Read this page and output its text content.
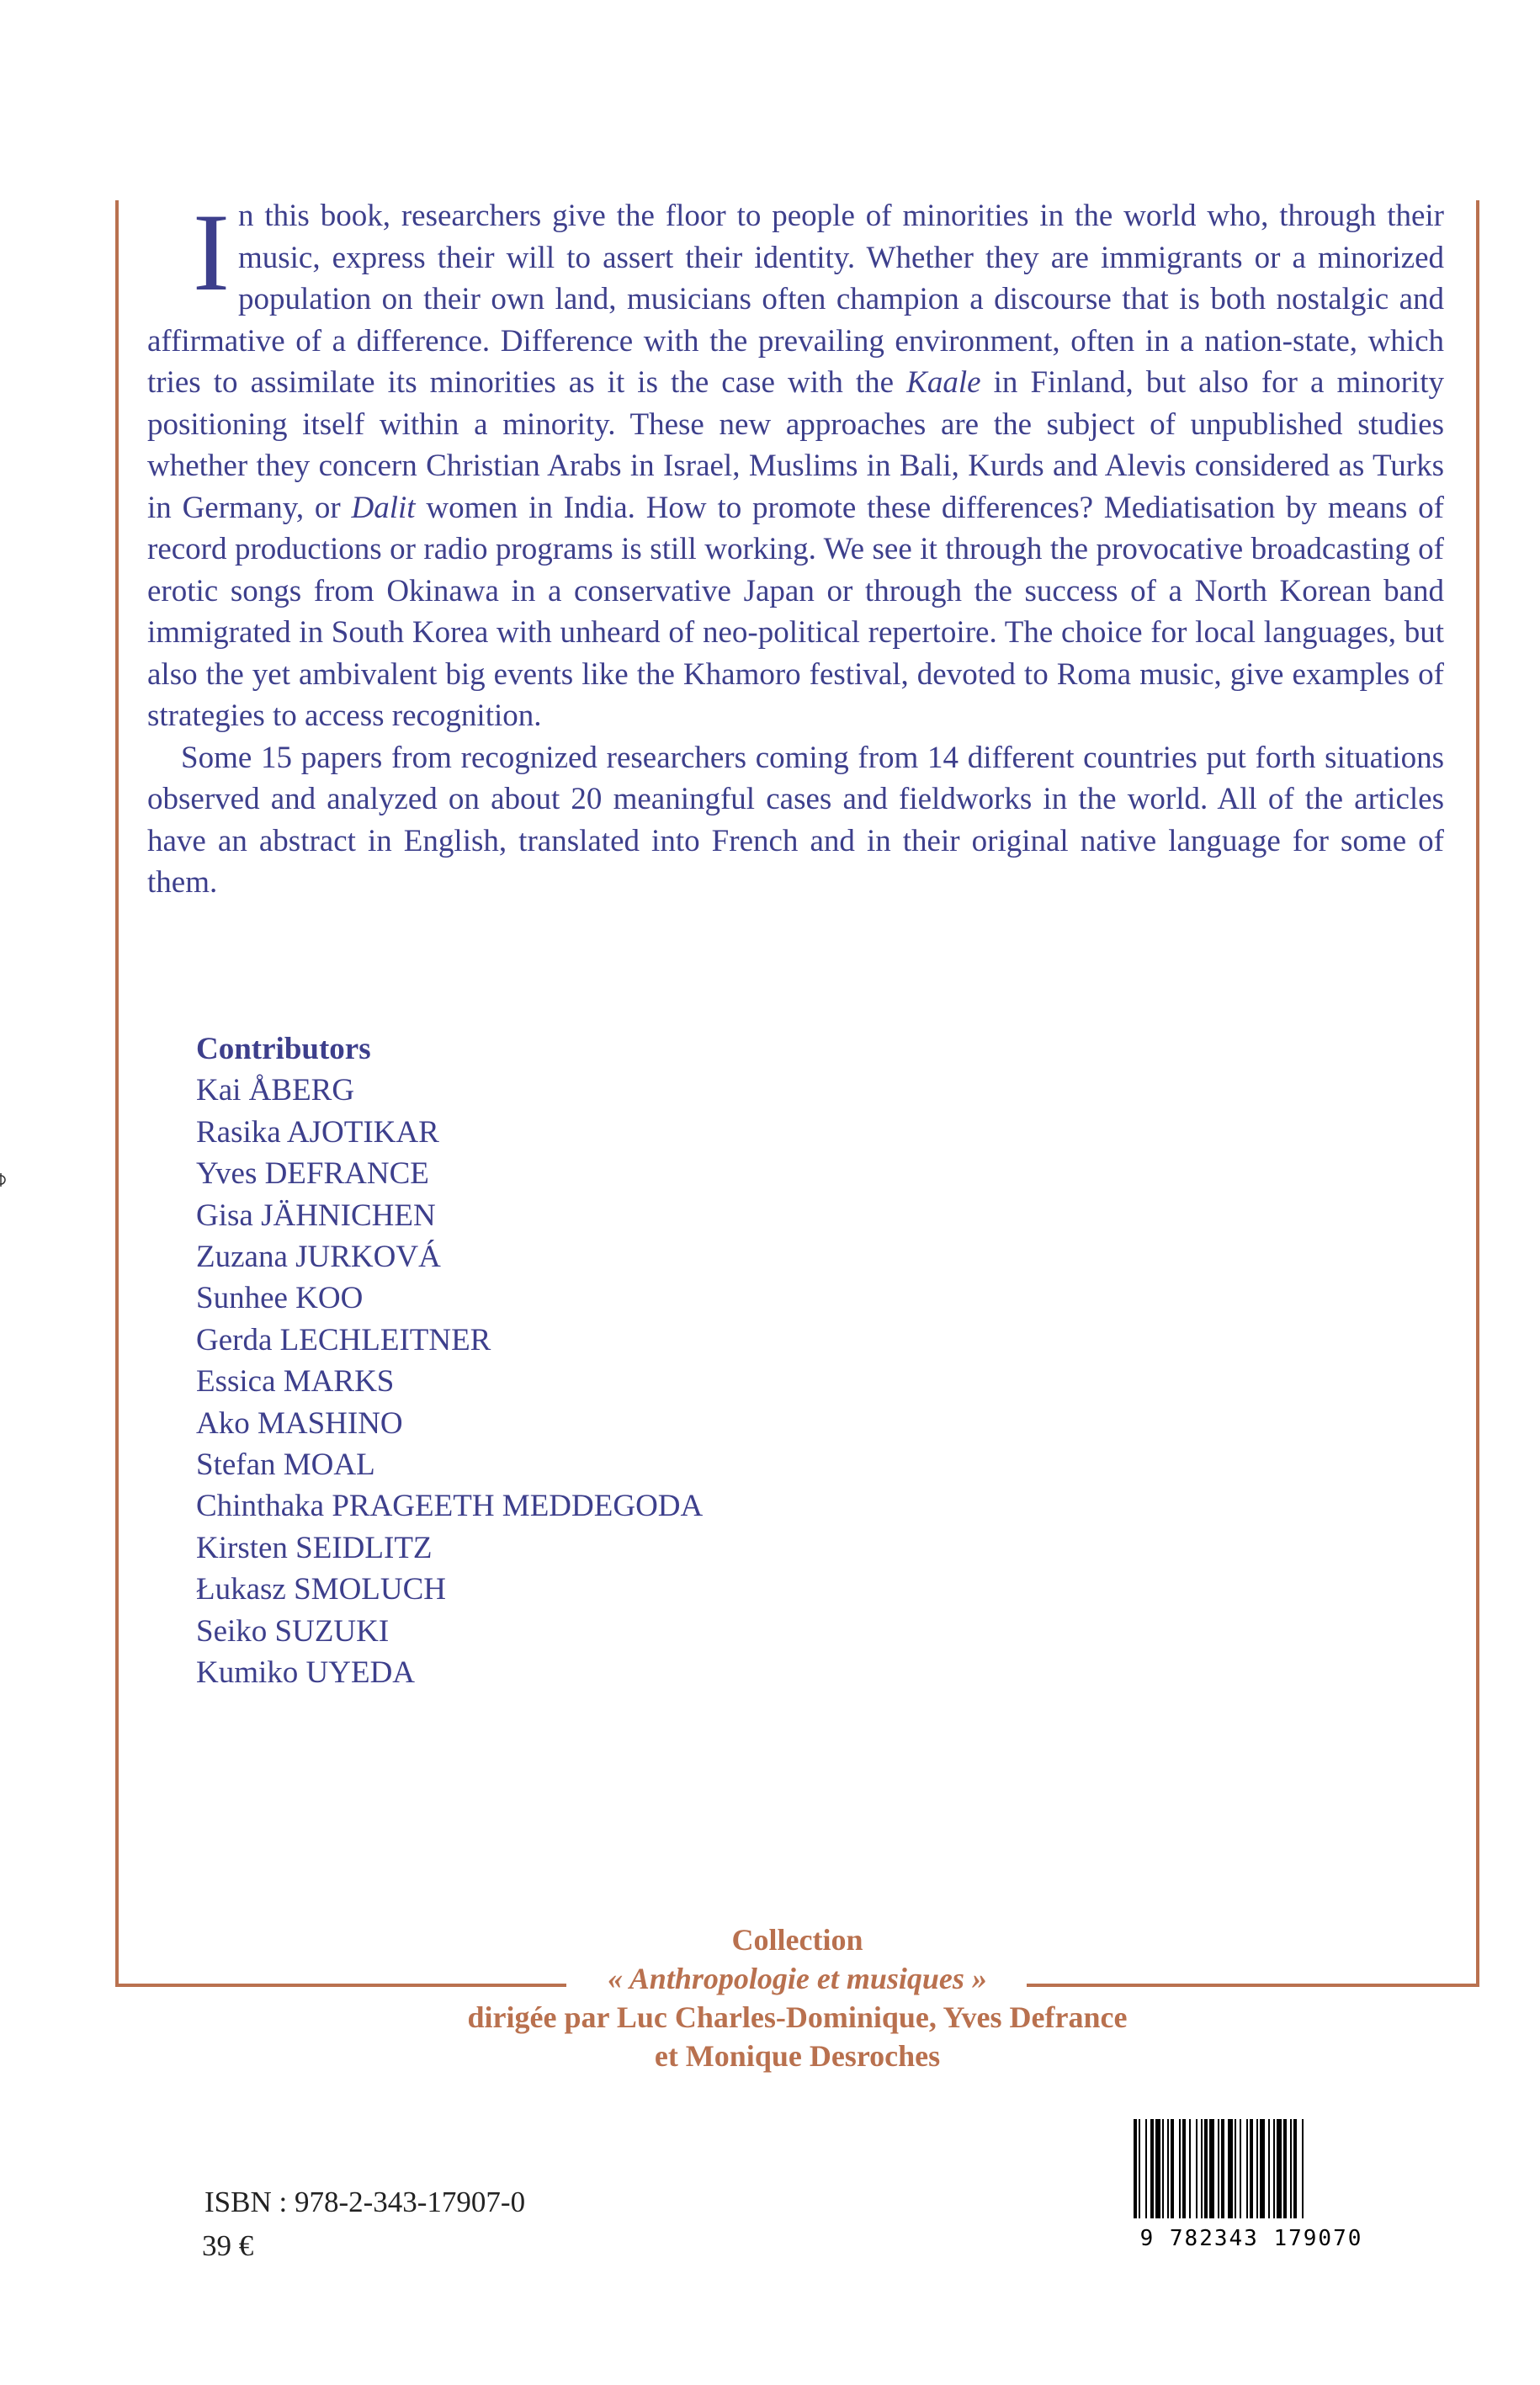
In this book, researchers give the floor to people of minorities in the world who, through their music, express their will to assert their identity. Whether they are immigrants or a minorized population on their own land, musicians often champion a discourse that is both nostalgic and affirmative of a difference. Difference with the prevailing environment, often in a nation-state, which tries to assimilate its minorities as it is the case with the Kaale in Finland, but also for a minority positioning itself within a minority. These new approaches are the subject of unpublished studies whether they concern Christian Arabs in Israel, Muslims in Bali, Kurds and Alevis considered as Turks in Germany, or Dalit women in India. How to promote these differences? Mediatisation by means of record productions or radio programs is still working. We see it through the provocative broadcasting of erotic songs from Okinawa in a conservative Japan or through the success of a North Korean band immigrated in South Korea with unheard of neo-political repertoire. The choice for local languages, but also the yet ambivalent big events like the Khamoro festival, devoted to Roma music, give examples of strategies to access recognition.

Some 15 papers from recognized researchers coming from 14 different countries put forth situations observed and analyzed on about 20 meaningful cases and fieldworks in the world. All of the articles have an abstract in English, translated into French and in their original native language for some of them.

Contributors
Kai ÅBERG
Rasika AJOTIKAR
Yves DEFRANCE
Gisa JÄHNICHEN
Zuzana JURKOVÁ
Sunhee KOO
Gerda LECHLEITNER
Essica MARKS
Ako MASHINO
Stefan MOAL
Chinthaka PRAGEETH MEDDEGODA
Kirsten SEIDLITZ
Łukasz SMOLUCH
Seiko SUZUKI
Kumiko UYEDA
Collection
« Anthropologie et musiques »
dirigée par Luc Charles-Dominique, Yves Defrance
et Monique Desroches
ISBN : 978-2-343-17907-0
39 €	9 782343 179070
